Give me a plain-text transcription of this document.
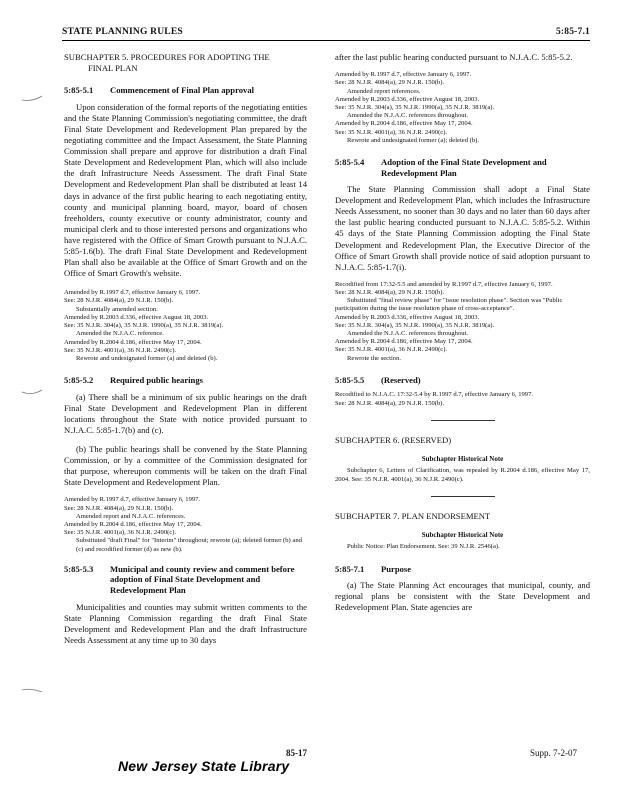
STATE PLANNING RULES	5:85-7.1
SUBCHAPTER 5. PROCEDURES FOR ADOPTING THE
FINAL PLAN
5:85-5.1	Commencement of Final Plan approval

Upon consideration of the formal reports of the negotiating entities and the State Planning Commission's negotiating committee, the draft Final State Development and Redevelopment Plan prepared by the negotiating committee and the Impact Assessment, the State Planning Commission shall prepare and approve for distribution a draft Final State Development and Redevelopment Plan, which will also include the draft Infrastructure Needs Assessment. The draft Final State Development and Redevelopment Plan shall be distributed at least 14 days in advance of the first public hearing to each negotiating entity, county and municipal planning board, mayor, board of chosen freeholders, county executive or county administrator, county and municipal clerk and to those interested persons and organizations who have registered with the Office of Smart Growth pursuant to N.J.A.C. 5:85-1.6(b). The draft Final State Development and Redevelopment Plan shall also be available at the Office of Smart Growth and on the Office of Smart Growth's website.

Amended by R.1997 d.7, effective January 6, 1997.
See: 28 N.J.R. 4084(a), 29 N.J.R. 150(b).
Substantially amended section.
Amended by R.2003 d.336, effective August 18, 2003.
See: 35 N.J.R. 304(a), 35 N.J.R. 1990(a), 35 N.J.R. 3819(a).
Amended the N.J.A.C. reference.
Amended by R.2004 d.186, effective May 17, 2004.
See: 35 N.J.R. 4001(a), 36 N.J.R. 2490(c).
Rewrote and undesignated former (a) and deleted (b).
5:85-5.2	Required public hearings

(a) There shall be a minimum of six public hearings on the draft Final State Development and Redevelopment Plan in different locations throughout the State with notice provided pursuant to N.J.A.C. 5:85-1.7(b) and (c).

(b) The public hearings shall be convened by the State Planning Commission, or by a committee of the Commission designated for that purpose, whereupon comments will be taken on the draft Final State Development and Redevelopment Plan.

Amended by R.1997 d.7, effective January 6, 1997.
See: 28 N.J.R. 4084(a), 29 N.J.R. 150(b).
Amended report and N.J.A.C. references.
Amended by R.2004 d.186, effective May 17, 2004.
See: 35 N.J.R. 4001(a), 36 N.J.R. 2490(c).
Substituted "draft Final" for "Interim" throughout; rewrote (a); deleted former (b) and (c) and recodified former (d) as new (b).
5:85-5.3	Municipal and county review and comment before adoption of Final State Development and Redevelopment Plan

Municipalities and counties may submit written comments to the State Planning Commission regarding the draft Final State Development and Redevelopment Plan and the draft Infrastructure Needs Assessment at any time up to 30 days

after the last public hearing conducted pursuant to N.J.A.C. 5:85-5.2.

Amended by R.1997 d.7, effective January 6, 1997.
See: 28 N.J.R. 4084(a), 29 N.J.R. 150(b).
Amended report references.
Amended by R.2003 d.336, effective August 18, 2003.
See: 35 N.J.R. 304(a), 35 N.J.R. 1990(a), 35 N.J.R. 3819(a).
Amended the N.J.A.C. references throughout.
Amended by R.2004 d.186, effective May 17, 2004.
See: 35 N.J.R. 4001(a), 36 N.J.R. 2490(c).
Rewrote and undesignated former (a); deleted (b).
5:85-5.4	Adoption of the Final State Development and Redevelopment Plan

The State Planning Commission shall adopt a Final State Development and Redevelopment Plan, which includes the Infrastructure Needs Assessment, no sooner than 30 days and no later than 60 days after the last public hearing conducted pursuant to N.J.A.C. 5:85-5.2. Within 45 days of the State Planning Commission adopting the Final State Development and Redevelopment Plan, the Executive Director of the Office of Smart Growth shall provide notice of said adoption pursuant to N.J.A.C. 5:85-1.7(i).

Recodified from 17:32-5.5 and amended by R.1997 d.7, effective January 6, 1997.
See: 28 N.J.R. 4084(a), 29 N.J.R. 150(b).
Substituted "final review phase" for "issue resolution phase". Section was "Public participation during the issue resolution phase of cross-acceptance".
Amended by R.2003 d.336, effective August 18, 2003.
See: 35 N.J.R. 304(a), 35 N.J.R. 1990(a), 35 N.J.R. 3819(a).
Amended the N.J.A.C. references throughout.
Amended by R.2004 d.186, effective May 17, 2004.
See: 35 N.J.R. 4001(a), 36 N.J.R. 2490(c).
Rewrote the section.
5:85-5.5	(Reserved)
Recodified to N.J.A.C. 17:32-5.4 by R.1997 d.7, effective January 6, 1997.
See: 28 N.J.R. 4084(a), 29 N.J.R. 150(b).
SUBCHAPTER 6. (RESERVED)
Subchapter Historical Note

Subchapter 6, Letters of Clarification, was repealed by R.2004 d.186, effective May 17, 2004. See: 35 N.J.R. 4001(a), 36 N.J.R. 2490(c).

SUBCHAPTER 7. PLAN ENDORSEMENT
Subchapter Historical Note

Public Notice: Plan Endorsement. See: 39 N.J.R. 2546(a).

5:85-7.1	Purpose

(a) The State Planning Act encourages that municipal, county, and regional plans be consistent with the State Development and Redevelopment Plan. State agencies are

85-17	Supp. 7-2-07
New Jersey State Library
